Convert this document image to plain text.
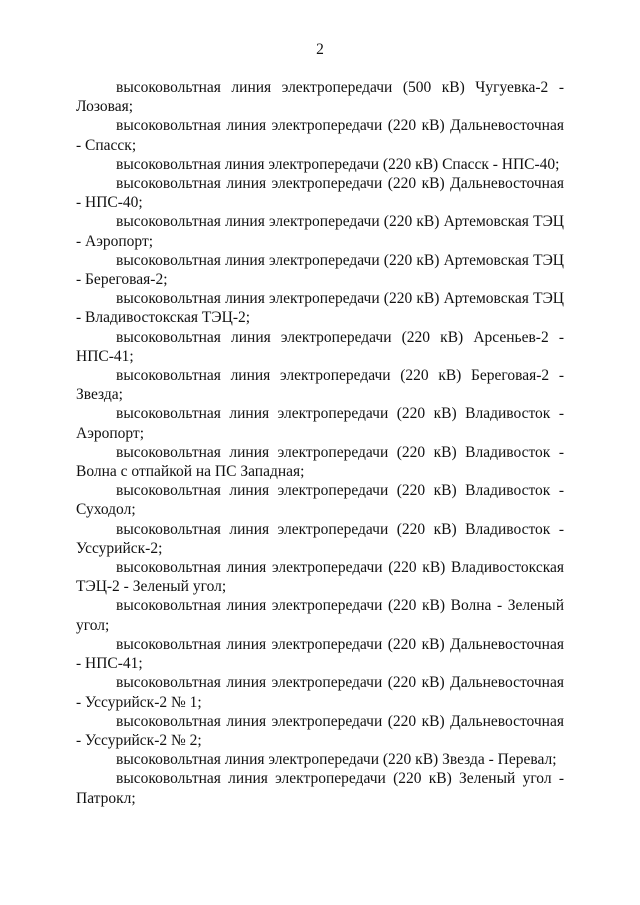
2

высоковольтная линия электропередачи (500 кВ) Чугуевка-2 - Лозовая;

высоковольтная линия электропередачи (220 кВ) Дальневосточная - Спасск;

высоковольтная линия электропередачи (220 кВ) Спасск - НПС-40;

высоковольтная линия электропередачи (220 кВ) Дальневосточная - НПС-40;

высоковольтная линия электропередачи (220 кВ) Артемовская ТЭЦ - Аэропорт;

высоковольтная линия электропередачи (220 кВ) Артемовская ТЭЦ - Береговая-2;

высоковольтная линия электропередачи (220 кВ) Артемовская ТЭЦ - Владивостокская ТЭЦ-2;

высоковольтная линия электропередачи (220 кВ) Арсеньев-2 - НПС-41;

высоковольтная линия электропередачи (220 кВ) Береговая-2 - Звезда;

высоковольтная линия электропередачи (220 кВ) Владивосток - Аэропорт;

высоковольтная линия электропередачи (220 кВ) Владивосток - Волна с отпайкой на ПС Западная;

высоковольтная линия электропередачи (220 кВ) Владивосток - Суходол;

высоковольтная линия электропередачи (220 кВ) Владивосток - Уссурийск-2;

высоковольтная линия электропередачи (220 кВ) Владивостокская ТЭЦ-2 - Зеленый угол;

высоковольтная линия электропередачи (220 кВ) Волна - Зеленый угол;

высоковольтная линия электропередачи (220 кВ) Дальневосточная - НПС-41;

высоковольтная линия электропередачи (220 кВ) Дальневосточная - Уссурийск-2 № 1;

высоковольтная линия электропередачи (220 кВ) Дальневосточная - Уссурийск-2 № 2;

высоковольтная линия электропередачи (220 кВ) Звезда - Перевал;

высоковольтная линия электропередачи (220 кВ) Зеленый угол - Патрокл;
